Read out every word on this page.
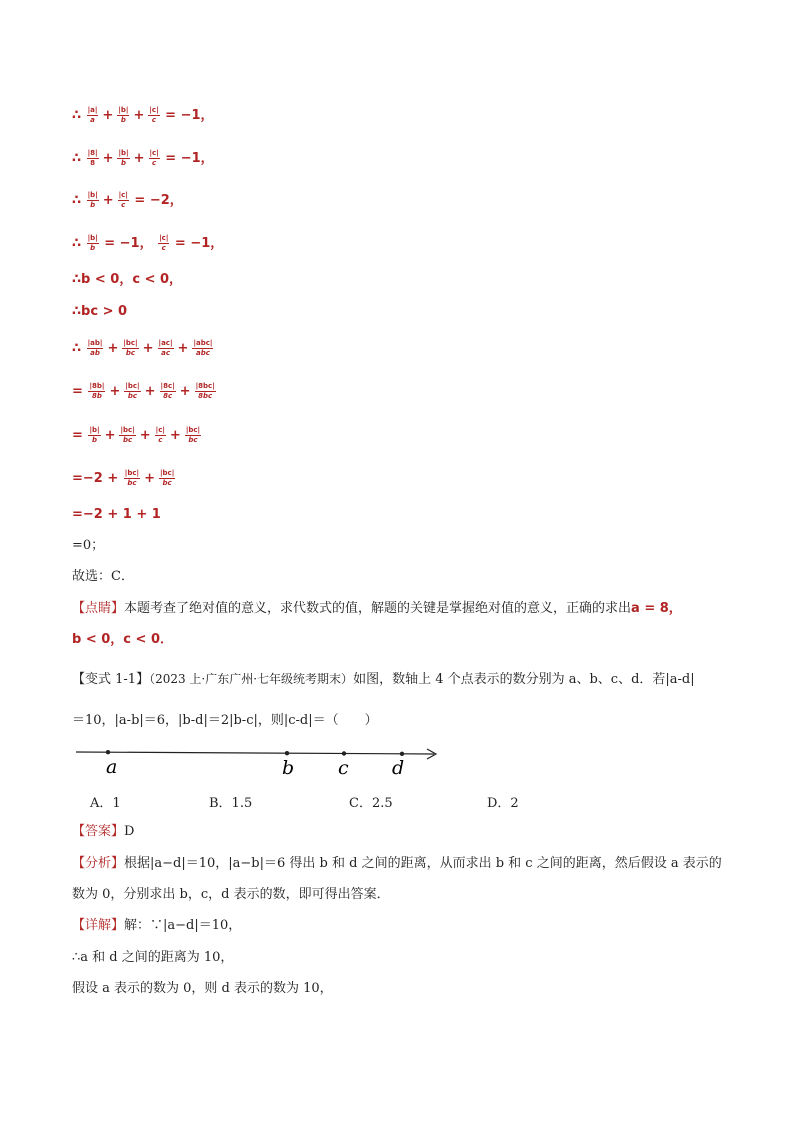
∴ $\frac{|a|}{a} + \frac{|b|}{b} + \frac{|c|}{c} = -1$，
∴ $\frac{|8|}{8} + \frac{|b|}{b} + \frac{|c|}{c} = -1$，
∴ $\frac{|b|}{b} + \frac{|c|}{c} = -2$，
∴ $\frac{|b|}{b} = -1$， $\frac{|c|}{c} = -1$，
∴b < 0，c < 0，
∴bc > 0
∴ $\frac{|ab|}{ab} + \frac{|bc|}{bc} + \frac{|ac|}{ac} + \frac{\text{|abc|}}{\text{abc}}$
= $\frac{|8b|}{8b} + \frac{|bc|}{bc} + \frac{|8c|}{8c} + \frac{|8bc|}{8bc}$
= $\frac{|b|}{b} + \frac{|bc|}{bc} + \frac{|c|}{c} + \frac{|bc|}{bc}$
$=-2 + \frac{|bc|}{bc} + \frac{|bc|}{bc}$
=−2 + 1 + 1
=0；
故选：C．
【点睛】本题考查了绝对值的意义，求代数式的值，解题的关键是掌握绝对值的意义，正确的求出a = 8，
b < 0，c < 0．
【变式 1-1】（2023 上·广东广州·七年级统考期末）如图，数轴上 4 个点表示的数分别为 a、b、c、d．若|a-d|
＝10，|a-b|＝6，|b-d|＝2|b-c|，则|c-d|＝（　　）
a	b c d
A．1	B．1.5	C．2.5	D．2
【答案】D
【分析】根据|a−d|＝10，|a−b|＝6 得出 b 和 d 之间的距离，从而求出 b 和 c 之间的距离，然后假设 a 表示的
数为 0，分别求出 b，c，d 表示的数，即可得出答案．
【详解】解：∵|a−d|＝10，
∴a 和 d 之间的距离为 10，
假设 a 表示的数为 0，则 d 表示的数为 10，
